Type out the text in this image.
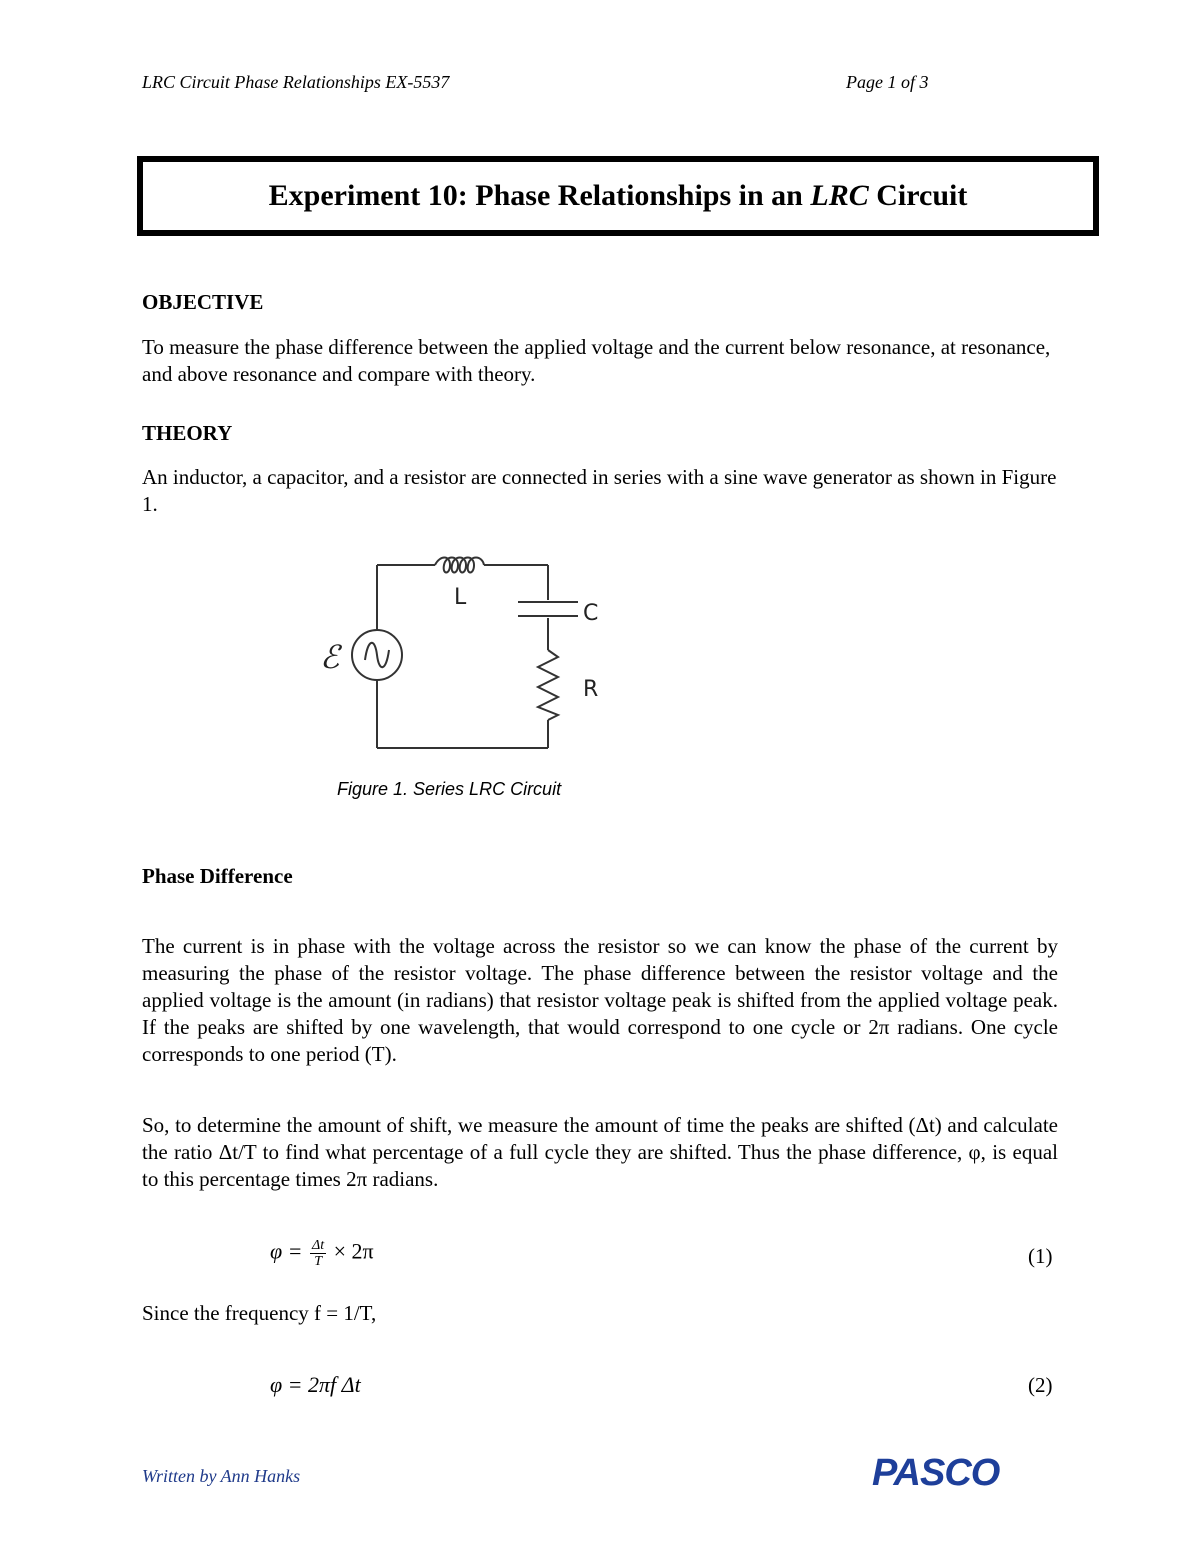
LRC Circuit Phase Relationships EX-5537	Page 1 of 3
Experiment 10: Phase Relationships in an LRC Circuit
OBJECTIVE
To measure the phase difference between the applied voltage and the current below resonance, at resonance, and above resonance and compare with theory.
THEORY
An inductor, a capacitor, and a resistor are connected in series with a sine wave generator as shown in Figure 1.
ℰ
L
C
R
Figure 1. Series LRC Circuit
Phase Difference
The current is in phase with the voltage across the resistor so we can know the phase of the current by measuring the phase of the resistor voltage. The phase difference between the resistor voltage and the applied voltage is the amount (in radians) that resistor voltage peak is shifted from the applied voltage peak. If the peaks are shifted by one wavelength, that would correspond to one cycle or 2π radians. One cycle corresponds to one period (T).
So, to determine the amount of shift, we measure the amount of time the peaks are shifted (Δt) and calculate the ratio Δt/T to find what percentage of a full cycle they are shifted. Thus the phase difference, φ, is equal to this percentage times 2π radians.
$\varphi = \frac{\Delta t}{T} \times 2\pi$	(1)
Since the frequency f = 1/T,
φ = 2πf Δt	(2)
Written by Ann Hanks	PASCO
